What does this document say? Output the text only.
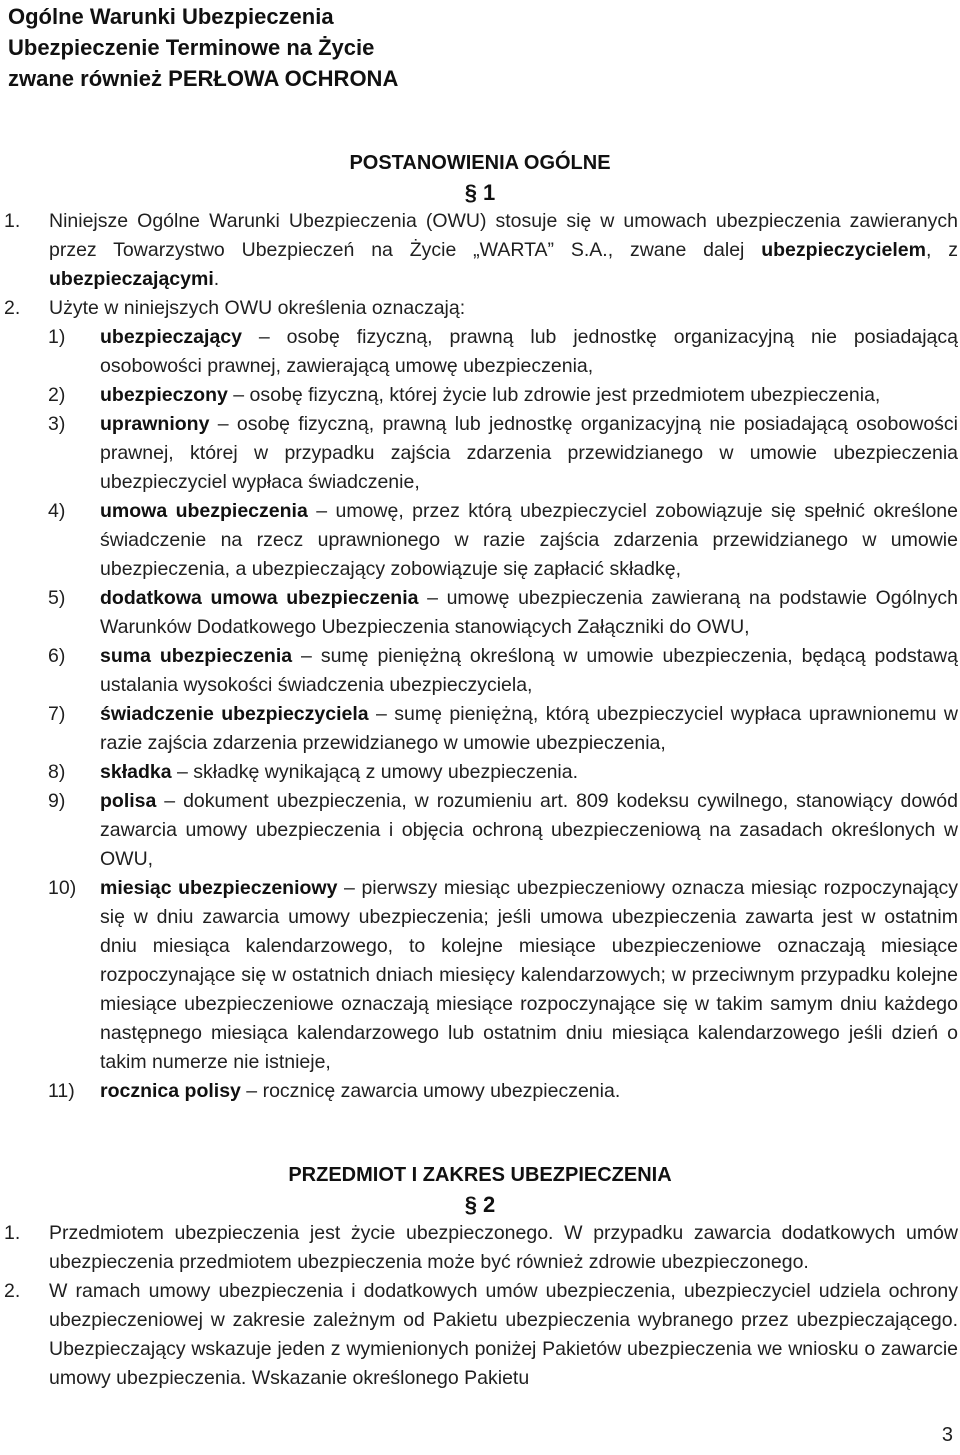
Ogólne Warunki Ubezpieczenia
Ubezpieczenie Terminowe na Życie
zwane również PERŁOWA OCHRONA
POSTANOWIENIA OGÓLNE
§ 1
1. Niniejsze Ogólne Warunki Ubezpieczenia (OWU) stosuje się w umowach ubezpieczenia zawieranych przez Towarzystwo Ubezpieczeń na Życie „WARTA” S.A., zwane dalej ubezpieczycielem, z ubezpieczającymi.
2. Użyte w niniejszych OWU określenia oznaczają:
1) ubezpieczający – osobę fizyczną, prawną lub jednostkę organizacyjną nie posiadającą osobowości prawnej, zawierającą umowę ubezpieczenia,
2) ubezpieczony – osobę fizyczną, której życie lub zdrowie jest przedmiotem ubezpieczenia,
3) uprawniony – osobę fizyczną, prawną lub jednostkę organizacyjną nie posiadającą osobowości prawnej, której w przypadku zajścia zdarzenia przewidzianego w umowie ubezpieczenia ubezpieczyciel wypłaca świadczenie,
4) umowa ubezpieczenia – umowę, przez którą ubezpieczyciel zobowiązuje się spełnić określone świadczenie na rzecz uprawnionego w razie zajścia zdarzenia przewidzianego w umowie ubezpieczenia, a ubezpieczający zobowiązuje się zapłacić składkę,
5) dodatkowa umowa ubezpieczenia – umowę ubezpieczenia zawieraną na podstawie Ogólnych Warunków Dodatkowego Ubezpieczenia stanowiących Załączniki do OWU,
6) suma ubezpieczenia – sumę pieniężną określoną w umowie ubezpieczenia, będącą podstawą ustalania wysokości świadczenia ubezpieczyciela,
7) świadczenie ubezpieczyciela – sumę pieniężną, którą ubezpieczyciel wypłaca uprawnionemu w razie zajścia zdarzenia przewidzianego w umowie ubezpieczenia,
8) składka – składkę wynikającą z umowy ubezpieczenia.
9) polisa – dokument ubezpieczenia, w rozumieniu art. 809 kodeksu cywilnego, stanowiący dowód zawarcia umowy ubezpieczenia i objęcia ochroną ubezpieczeniową na zasadach określonych w OWU,
10) miesiąc ubezpieczeniowy – pierwszy miesiąc ubezpieczeniowy oznacza miesiąc rozpoczynający się w dniu zawarcia umowy ubezpieczenia; jeśli umowa ubezpieczenia zawarta jest w ostatnim dniu miesiąca kalendarzowego, to kolejne miesiące ubezpieczeniowe oznaczają miesiące rozpoczynające się w ostatnich dniach miesięcy kalendarzowych; w przeciwnym przypadku kolejne miesiące ubezpieczeniowe oznaczają miesiące rozpoczynające się w takim samym dniu każdego następnego miesiąca kalendarzowego lub ostatnim dniu miesiąca kalendarzowego jeśli dzień o takim numerze nie istnieje,
11) rocznica polisy – rocznicę zawarcia umowy ubezpieczenia.
PRZEDMIOT I ZAKRES UBEZPIECZENIA
§ 2
1. Przedmiotem ubezpieczenia jest życie ubezpieczonego. W przypadku zawarcia dodatkowych umów ubezpieczenia przedmiotem ubezpieczenia może być również zdrowie ubezpieczonego.
2. W ramach umowy ubezpieczenia i dodatkowych umów ubezpieczenia, ubezpieczyciel udziela ochrony ubezpieczeniowej w zakresie zależnym od Pakietu ubezpieczenia wybranego przez ubezpieczającego. Ubezpieczający wskazuje jeden z wymienionych poniżej Pakietów ubezpieczenia we wniosku o zawarcie umowy ubezpieczenia. Wskazanie określonego Pakietu
3
